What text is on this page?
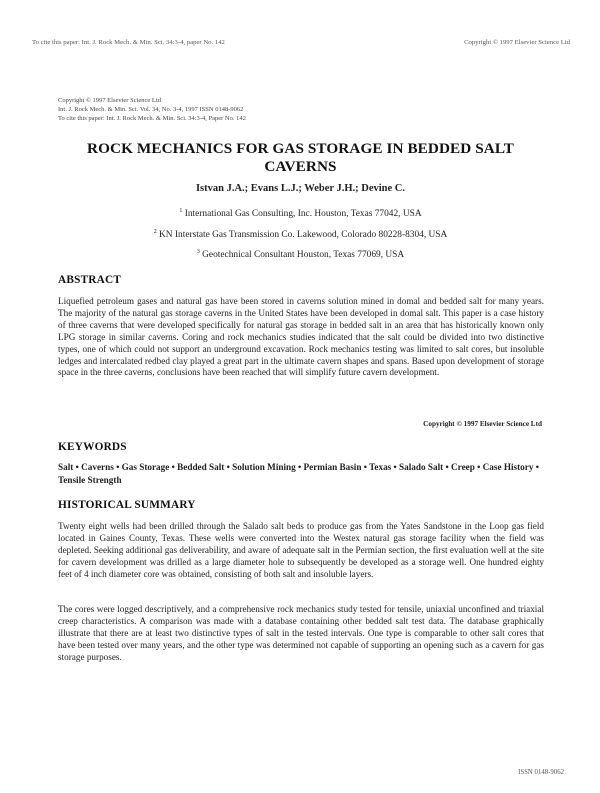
To cite this paper: Int. J. Rock Mech. & Min. Sci. 34:3-4, paper No. 142	Copyright © 1997 Elsevier Science Ltd
Copyright © 1997 Elsevier Science Ltd
Int. J. Rock Mech. & Min. Sci. Vol. 34, No. 3-4, 1997 ISSN 0148-9062
To cite this paper: Int. J. Rock Mech. & Min. Sci. 34:3-4, Paper No. 142
ROCK MECHANICS FOR GAS STORAGE IN BEDDED SALT CAVERNS
Istvan J.A.; Evans L.J.; Weber J.H.; Devine C.
$^1$ International Gas Consulting, Inc. Houston, Texas 77042, USA
$^2$ KN Interstate Gas Transmission Co. Lakewood, Colorado 80228-8304, USA
$^3$ Geotechnical Consultant Houston, Texas 77069, USA
ABSTRACT

Liquefied petroleum gases and natural gas have been stored in caverns solution mined in domal and bedded salt for many years. The majority of the natural gas storage caverns in the United States have been developed in domal salt. This paper is a case history of three caverns that were developed specifically for natural gas storage in bedded salt in an area that has historically known only LPG storage in similar caverns. Coring and rock mechanics studies indicated that the salt could be divided into two distinctive types, one of which could not support an underground excavation. Rock mechanics testing was limited to salt cores, but insoluble ledges and intercalated redbed clay played a great part in the ultimate cavern shapes and spans. Based upon development of storage space in the three caverns, conclusions have been reached that will simplify future cavern development.

Copyright © 1997 Elsevier Science Ltd
KEYWORDS
Salt • Caverns • Gas Storage • Bedded Salt • Solution Mining • Permian Basin • Texas • Salado Salt • Creep • Case History • Tensile Strength
HISTORICAL SUMMARY

Twenty eight wells had been drilled through the Salado salt beds to produce gas from the Yates Sandstone in the Loop gas field located in Gaines County, Texas. These wells were converted into the Westex natural gas storage facility when the field was depleted. Seeking additional gas deliverability, and aware of adequate salt in the Permian section, the first evaluation well at the site for cavern development was drilled as a large diameter hole to subsequently be developed as a storage well. One hundred eighty feet of 4 inch diameter core was obtained, consisting of both salt and insoluble layers.

The cores were logged descriptively, and a comprehensive rock mechanics study tested for tensile, uniaxial unconfined and triaxial creep characteristics. A comparison was made with a database containing other bedded salt test data. The database graphically illustrate that there are at least two distinctive types of salt in the tested intervals. One type is comparable to other salt cores that have been tested over many years, and the other type was determined not capable of supporting an opening such as a cavern for gas storage purposes.

ISSN 0148-9062
